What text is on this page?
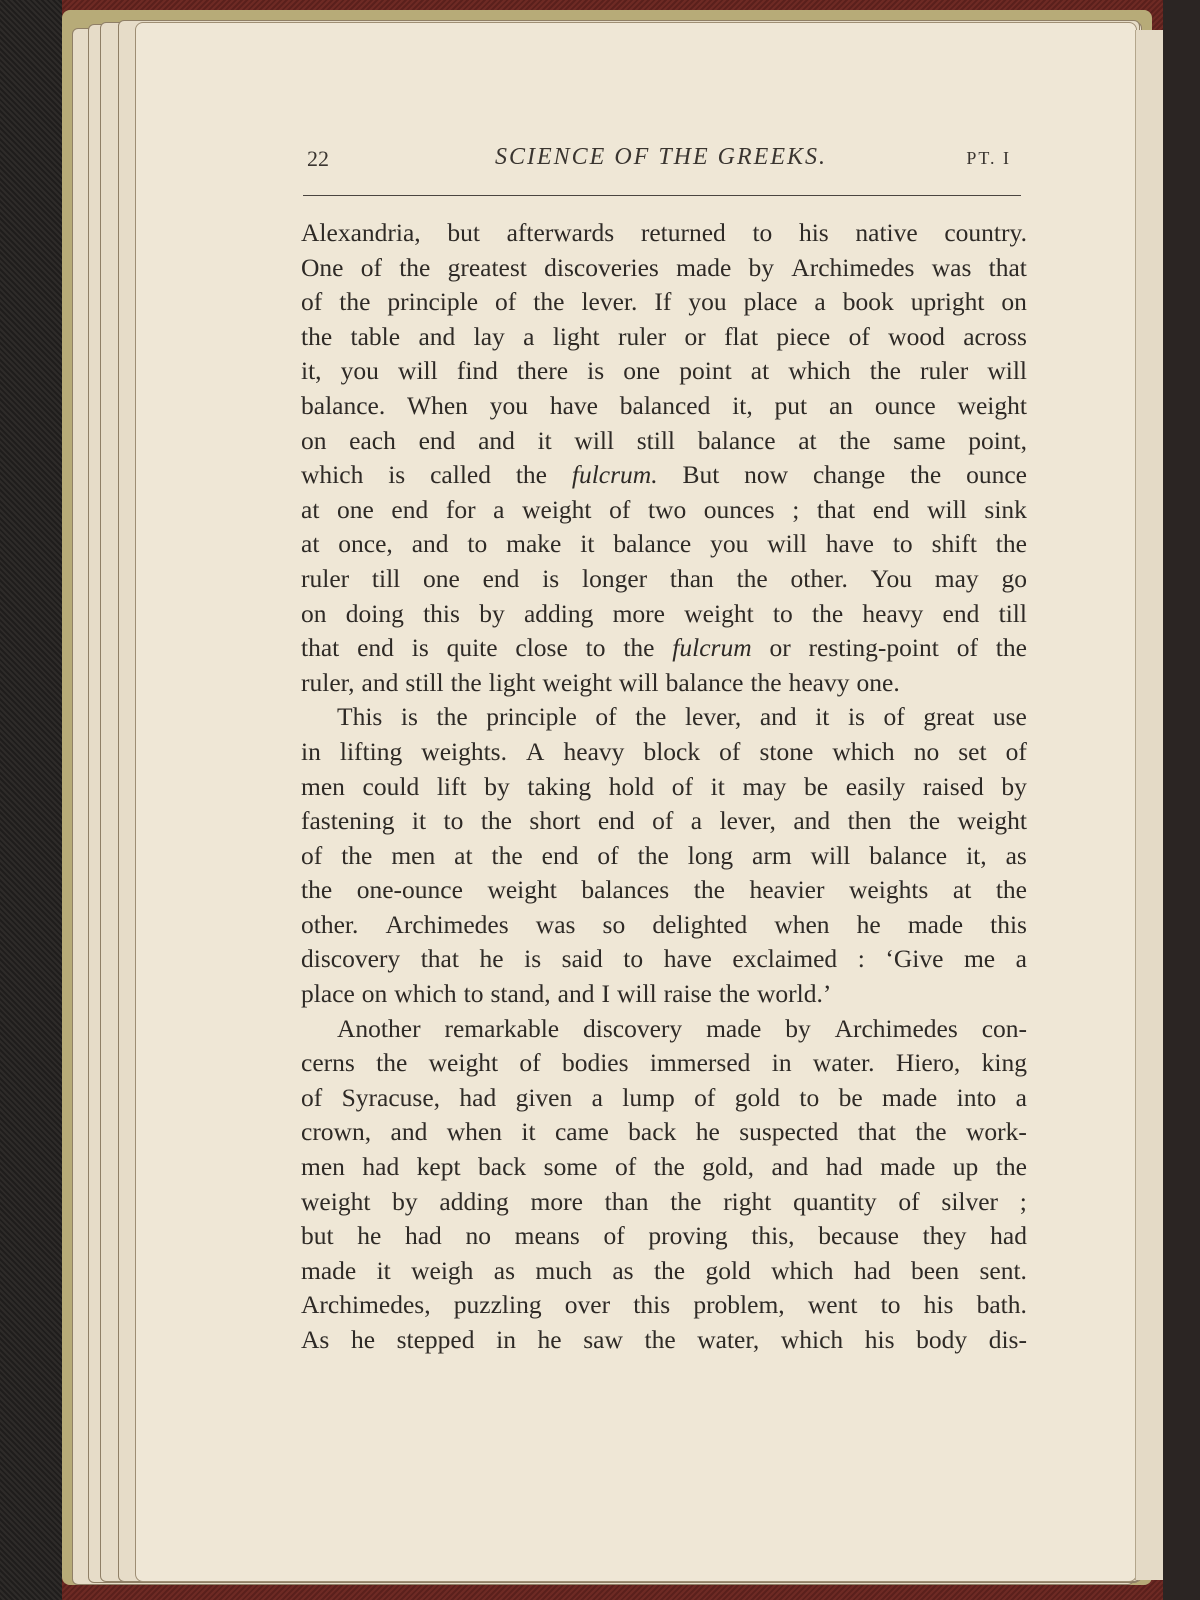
22	SCIENCE OF THE GREEKS.	PT. I
Alexandria, but afterwards returned to his native country.
One of the greatest discoveries made by Archimedes was that
of the principle of the lever. If you place a book upright on
the table and lay a light ruler or flat piece of wood across
it, you will find there is one point at which the ruler will
balance. When you have balanced it, put an ounce weight
on each end and it will still balance at the same point,
which is called the fulcrum. But now change the ounce
at one end for a weight of two ounces ; that end will sink
at once, and to make it balance you will have to shift the
ruler till one end is longer than the other. You may go
on doing this by adding more weight to the heavy end till
that end is quite close to the fulcrum or resting-point of the
ruler, and still the light weight will balance the heavy one.
This is the principle of the lever, and it is of great use
in lifting weights. A heavy block of stone which no set of
men could lift by taking hold of it may be easily raised by
fastening it to the short end of a lever, and then the weight
of the men at the end of the long arm will balance it, as
the one-ounce weight balances the heavier weights at the
other. Archimedes was so delighted when he made this
discovery that he is said to have exclaimed : ‘Give me a
place on which to stand, and I will raise the world.’
Another remarkable discovery made by Archimedes con-
cerns the weight of bodies immersed in water. Hiero, king
of Syracuse, had given a lump of gold to be made into a
crown, and when it came back he suspected that the work-
men had kept back some of the gold, and had made up the
weight by adding more than the right quantity of silver ;
but he had no means of proving this, because they had
made it weigh as much as the gold which had been sent.
Archimedes, puzzling over this problem, went to his bath.
As he stepped in he saw the water, which his body dis-
